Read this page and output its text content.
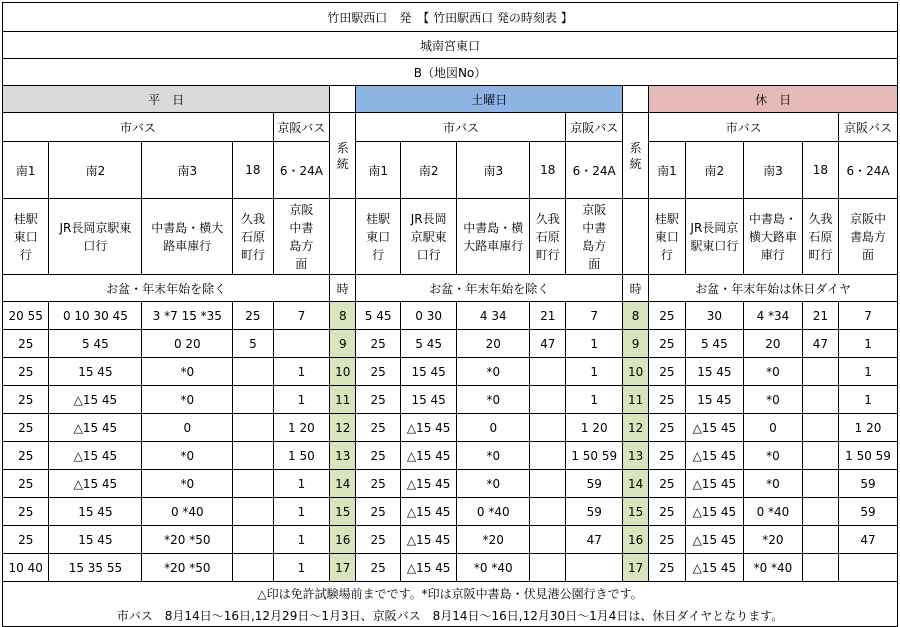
竹田駅西口　発　【 竹田駅西口 発の時刻表 】																
城南宮東口																
B（地図No）																
平　日						土曜日						休　日				
市バス				京阪バス	系統	市バス				京阪バス	系統	市バス				京阪バス
南1	南2	南3	18	6・24A		南1	南2	南3	18	6・24A		南1	南2	南3	18	6・24A
桂駅東口行	JR長岡京駅東口行	中書島・横大路車庫行	久我石原町行	京阪中書島方面		桂駅東口行	JR長岡京駅東口行	中書島・横大路車庫行	久我石原町行	京阪中書島方面		桂駅東口行	JR長岡京駅東口行	中書島・横大路車庫行	久我石原町行	京阪中書島方面
お盆・年末年始を除く					時	お盆・年末年始を除く					時	お盆・年末年始は休日ダイヤ				
20 55	0 10 30 45	3 *7 15 *35	25	7	8	5 45	0 30	4 34	21	7	8	25	30	4 *34	21	7
25	5 45	0 20	5		9	25	5 45	20	47	1	9	25	5 45	20	47	1
25	15 45	*0		1	10	25	15 45	*0		1	10	25	15 45	*0		1
25	△15 45	*0		1	11	25	15 45	*0		1	11	25	15 45	*0		1
25	△15 45	0		1 20	12	25	△15 45	0		1 20	12	25	△15 45	0		1 20
25	△15 45	*0		1 50	13	25	△15 45	*0		1 50 59	13	25	△15 45	*0		1 50 59
25	△15 45	*0		1	14	25	△15 45	*0		59	14	25	△15 45	*0		59
25	15 45	0 *40		1	15	25	△15 45	0 *40		59	15	25	△15 45	0 *40		59
25	15 45	*20 *50		1	16	25	△15 45	*20		47	16	25	△15 45	*20		47
10 40	15 35 55	*20 *50		1	17	25	△15 45	*0 *40			17	25	△15 45	*0 *40		
△印は免許試験場前までです。*印は京阪中書島・伏見港公園行きです。																
市バス　8月14日～16日,12月29日～1月3日、京阪バス　8月14日～16日,12月30日～1月4日は、休日ダイヤとなります。																
